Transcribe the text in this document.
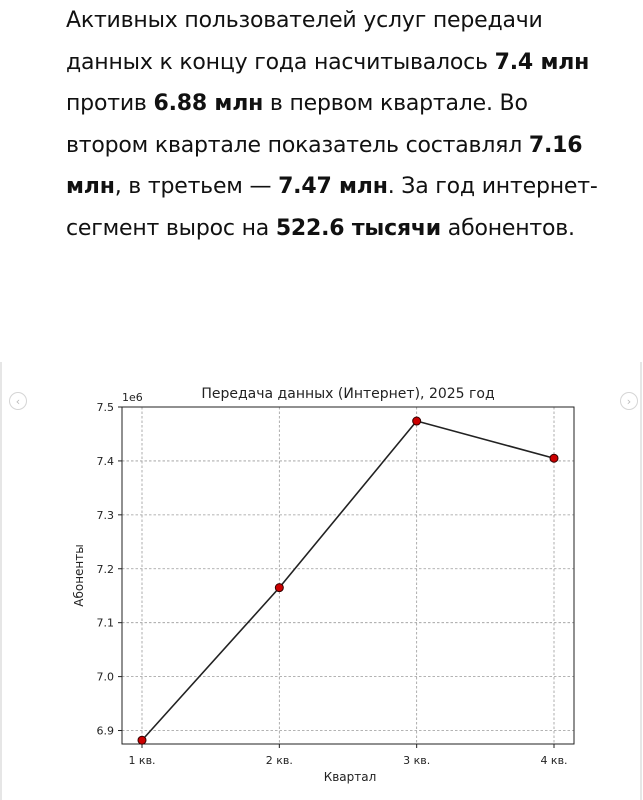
Активных пользователей услуг передачи данных к концу года насчитывалось 7.4 млн против 6.88 млн в первом квартале. Во втором квартале показатель составлял 7.16 млн, в третьем — 7.47 млн. За год интернет-сегмент вырос на 522.6 тысячи абонентов.

‹	›
6.9
7.0
7.1
7.2
7.3
7.4
7.5
1 кв.	2 кв.	3 кв.	4 кв.
Передача данных (Интернет), 2025 год
1e6
Квартал
Абоненты
